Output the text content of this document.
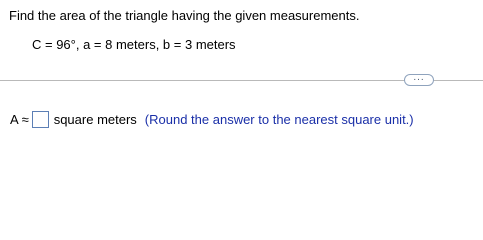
Find the area of the triangle having the given measurements.
C = 96°, a = 8 meters, b = 3 meters
...
A ≈ square meters (Round the answer to the nearest square unit.)
